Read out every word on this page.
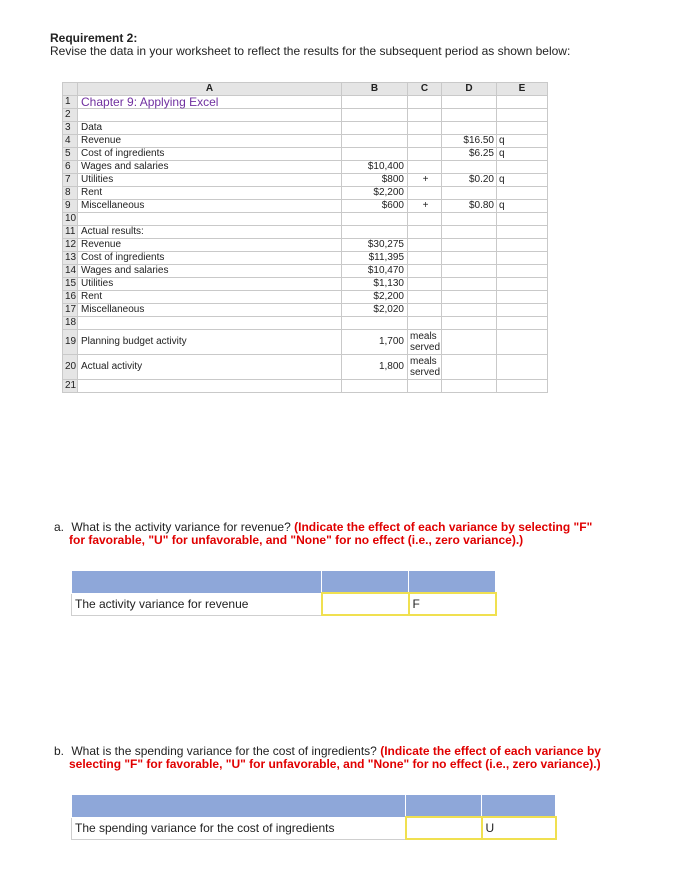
Requirement 2:
Revise the data in your worksheet to reflect the results for the subsequent period as shown below:
	A	B	C	D	E
1	Chapter 9: Applying Excel				
2					
3	Data				
4	Revenue			$16.50	q
5	Cost of ingredients			$6.25	q
6	Wages and salaries	$10,400			
7	Utilities	$800	+	$0.20	q
8	Rent	$2,200			
9	Miscellaneous	$600	+	$0.80	q
10					
11	Actual results:				
12	Revenue	$30,275			
13	Cost of ingredients	$11,395			
14	Wages and salaries	$10,470			
15	Utilities	$1,130			
16	Rent	$2,200			
17	Miscellaneous	$2,020			
18					
19	Planning budget activity	1,700	meals
served		

20	Actual activity	1,800	meals
served		

21					
a. What is the activity variance for revenue? (Indicate the effect of each variance by selecting "F"
for favorable, "U" for unfavorable, and "None" for no effect (i.e., zero variance).)

The activity variance for revenue		F
b. What is the spending variance for the cost of ingredients? (Indicate the effect of each variance by
selecting "F" for favorable, "U" for unfavorable, and "None" for no effect (i.e., zero variance).)

The spending variance for the cost of ingredients		U
